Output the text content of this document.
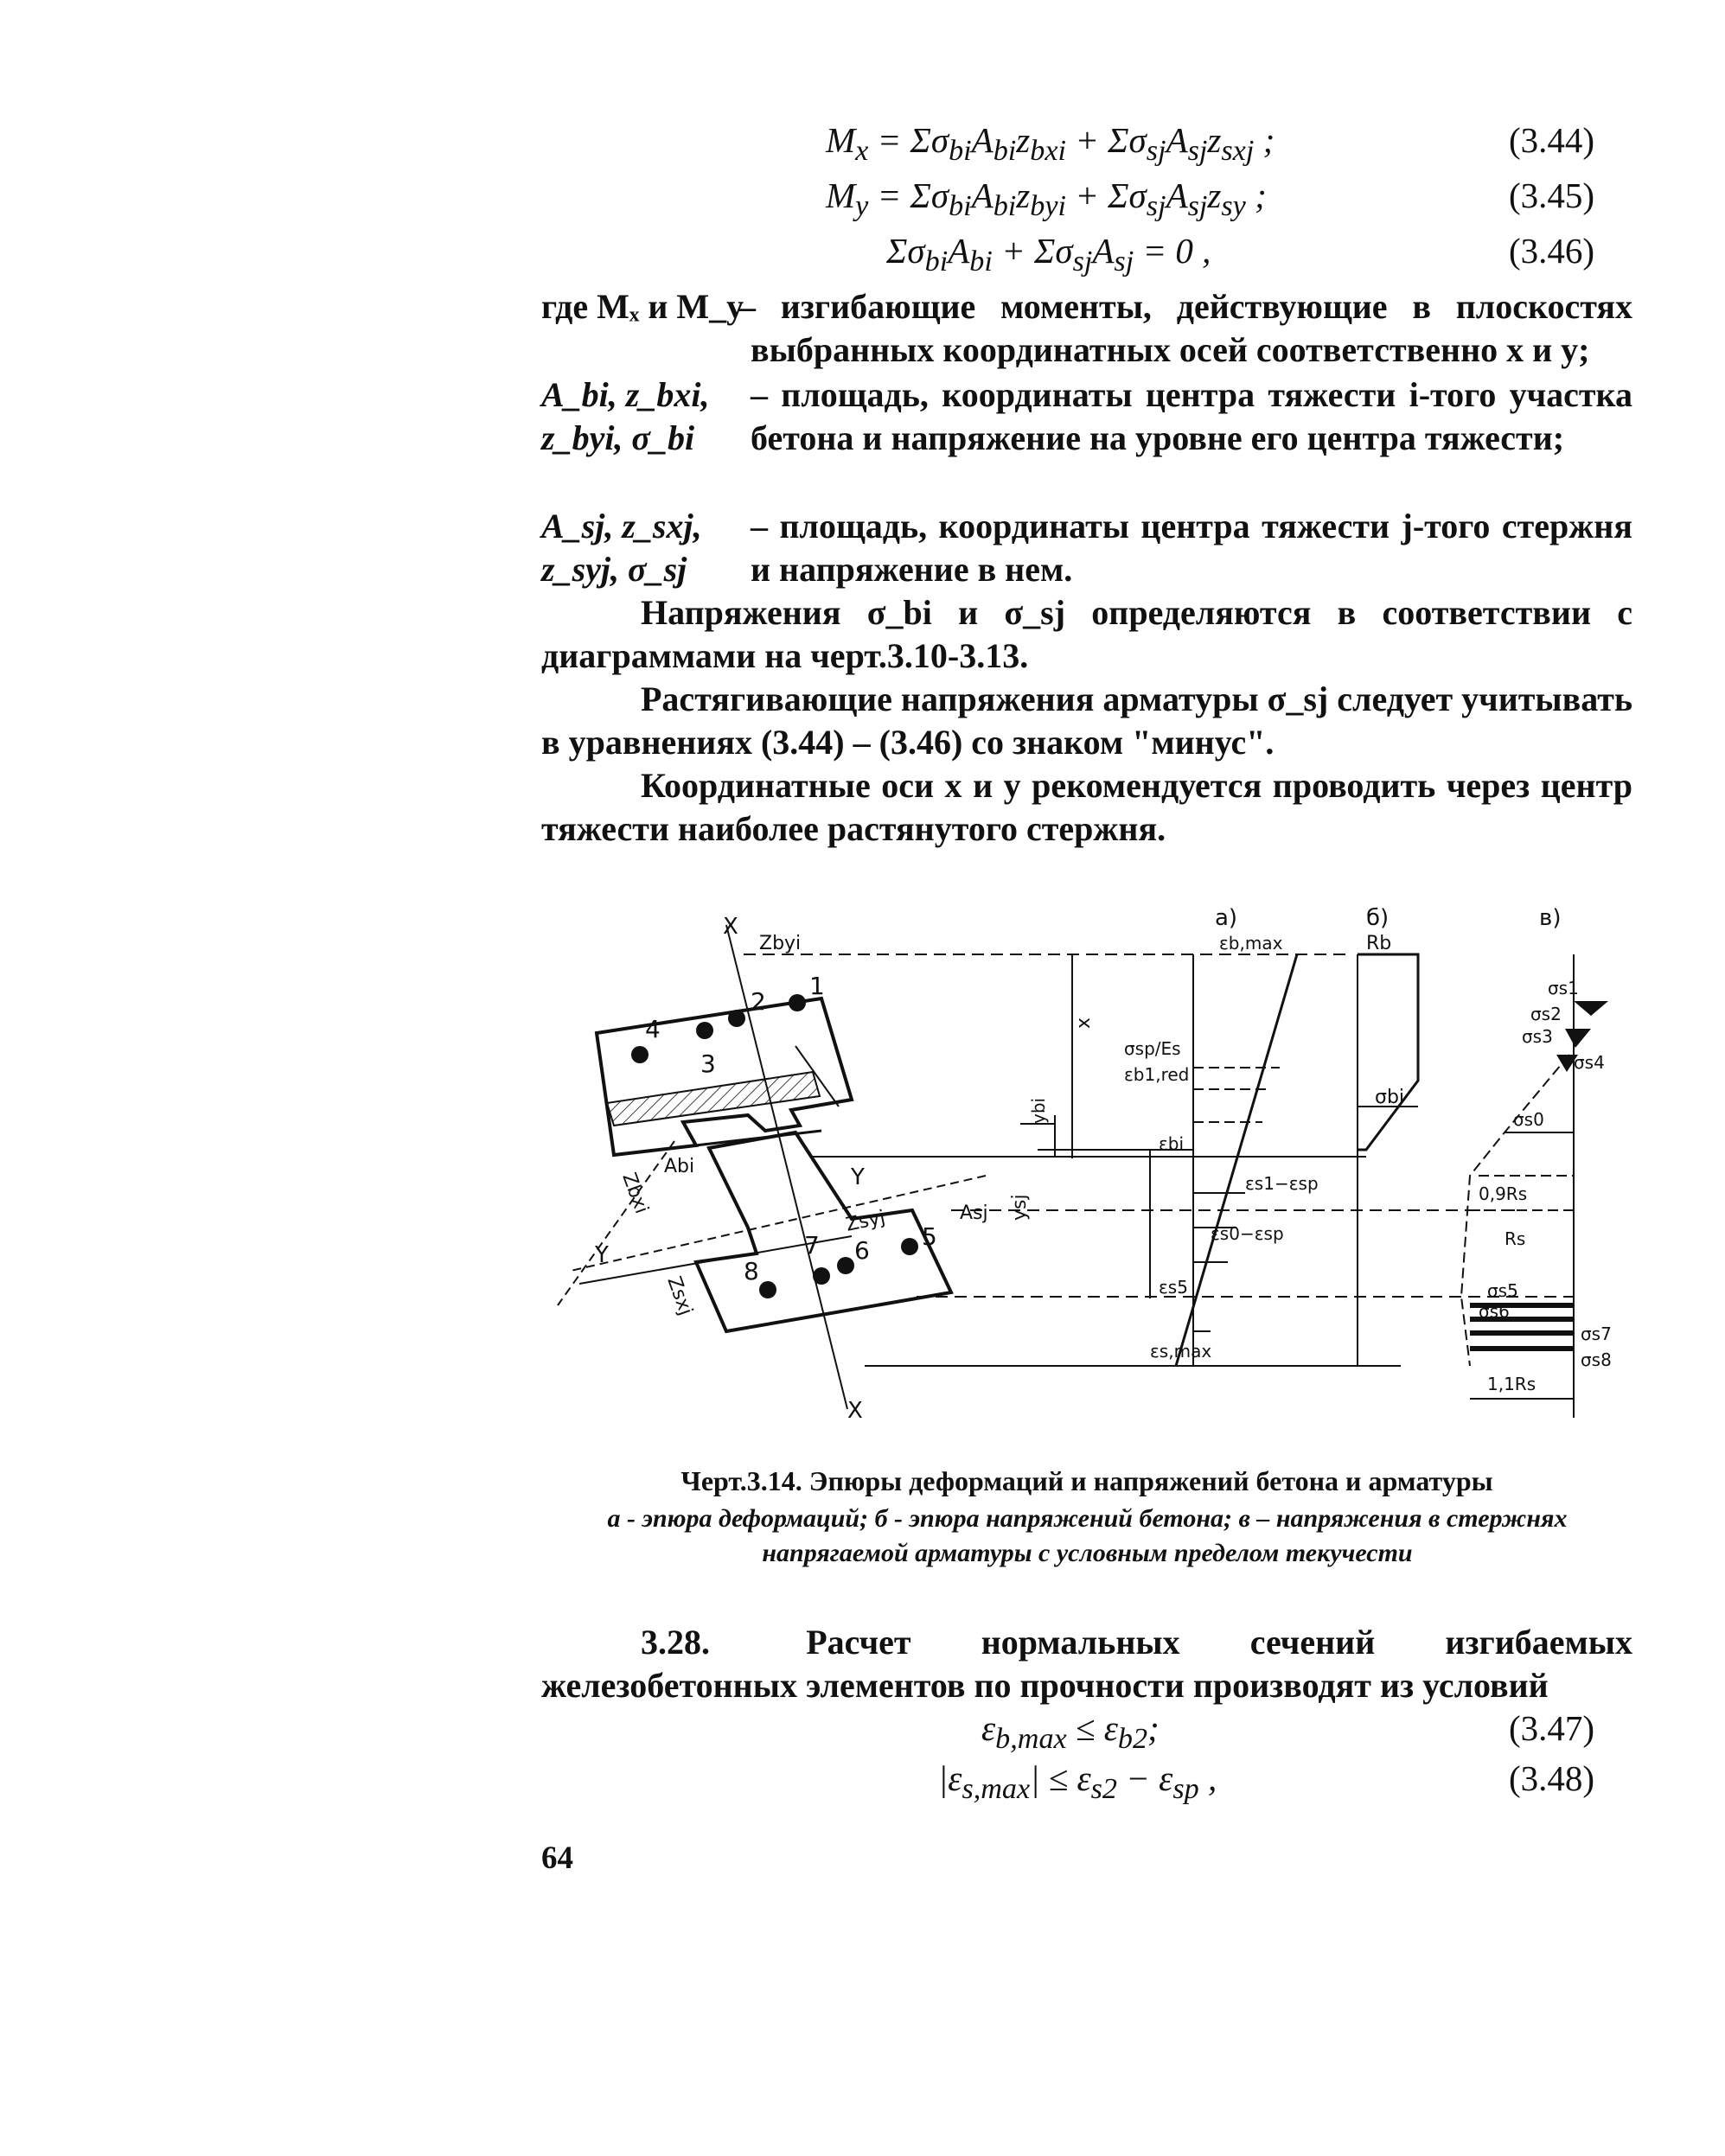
$M_x = \Sigma\sigma_{bi}A_{bi}z_{bxi} + \Sigma\sigma_{sj}A_{sj}z_{sxj}$ ;	(3.44)
$M_y = \Sigma\sigma_{bi}A_{bi}z_{byi} + \Sigma\sigma_{sj}A_{sj}z_{sy}$ ;	(3.45)
$\Sigma\sigma_{bi}A_{bi} + \Sigma\sigma_{sj}A_{sj} = 0$ ,	(3.46)
где Mₓ и M_y
– изгибающие моменты, действующие в плоскостях выбранных координатных осей соответственно x и y;
A_bi, z_bxi, z_byi, σ_bi
– площадь, координаты центра тяжести i-того участка бетона и напряжение на уровне его центра тяжести;
A_sj, z_sxj, z_syj, σ_sj
– площадь, координаты центра тяжести j-того стержня и напряжение в нем.
Напряжения σ_bi и σ_sj определяются в соответствии с диаграммами на черт.3.10-3.13.
Растягивающие напряжения арматуры σ_sj следует учитывать в уравнениях (3.44) – (3.46) со знаком "минус".
Координатные оси x и y рекомендуется проводить через центр тяжести наиболее растянутого стержня.
1
2
3
4
5
6
7
8
X
X
Y
Y
Zbyi
Zbxi
Zsxj
Zsyj
Abi
Asj ysj
ybi
x
а)
εb,max
σsp/Es
εb1,red
εbi
εs1−εsp
εs0−εsp
εs5
εs,max
б)
Rb
σbi
в)
σs1
σs2
σs3
σs4
σs0
0,9Rs
Rs
σs5
σs6
σs7
σs8
1,1Rs
Черт.3.14. Эпюры деформаций и напряжений бетона и арматуры
а - эпюра деформаций; б - эпюра напряжений бетона; в – напряжения в стержнях напрягаемой арматуры с условным пределом текучести
3.28.	Расчет нормальных сечений изгибаемых железобетонных элементов по прочности производят из условий
$\varepsilon_{b,max} \le \varepsilon_{b2}$;	(3.47)
$|\varepsilon_{s,max}| \le \varepsilon_{s2} - \varepsilon_{sp}$ ,	(3.48)
64
